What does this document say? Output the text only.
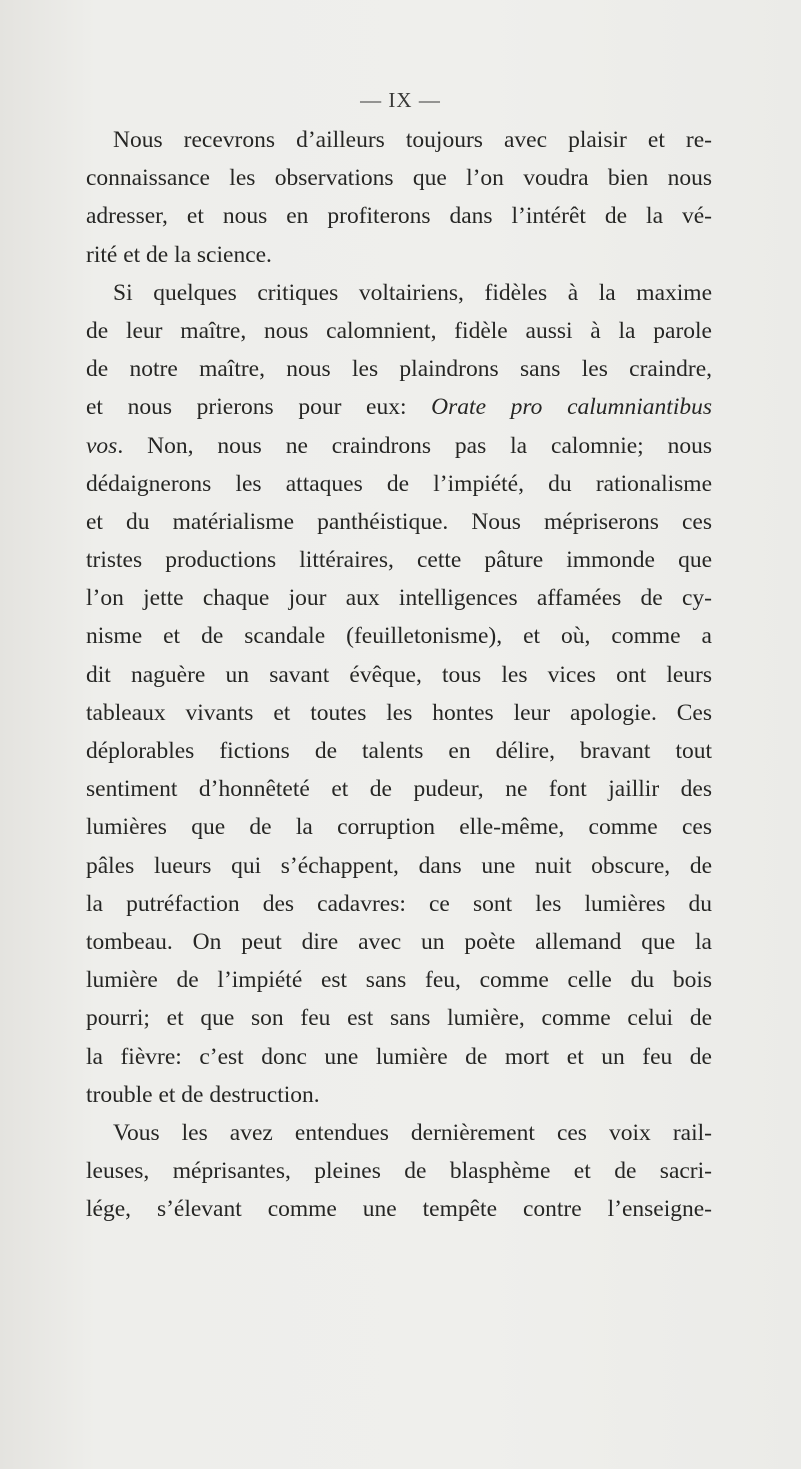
— IX —
Nous recevrons d’ailleurs toujours avec plaisir et re-
connaissance les observations que l’on voudra bien nous
adresser, et nous en profiterons dans l’intérêt de la vé-
rité et de la science.
Si quelques critiques voltairiens, fidèles à la maxime
de leur maître, nous calomnient, fidèle aussi à la parole
de notre maître, nous les plaindrons sans les craindre,
et nous prierons pour eux: Orate pro calumniantibus
vos. Non, nous ne craindrons pas la calomnie; nous
dédaignerons les attaques de l’impiété, du rationalisme
et du matérialisme panthéistique. Nous mépriserons ces
tristes productions littéraires, cette pâture immonde que
l’on jette chaque jour aux intelligences affamées de cy-
nisme et de scandale (feuilletonisme), et où, comme a
dit naguère un savant évêque, tous les vices ont leurs
tableaux vivants et toutes les hontes leur apologie. Ces
déplorables fictions de talents en délire, bravant tout
sentiment d’honnêteté et de pudeur, ne font jaillir des
lumières que de la corruption elle-même, comme ces
pâles lueurs qui s’échappent, dans une nuit obscure, de
la putréfaction des cadavres: ce sont les lumières du
tombeau. On peut dire avec un poète allemand que la
lumière de l’impiété est sans feu, comme celle du bois
pourri; et que son feu est sans lumière, comme celui de
la fièvre: c’est donc une lumière de mort et un feu de
trouble et de destruction.
Vous les avez entendues dernièrement ces voix rail-
leuses, méprisantes, pleines de blasphème et de sacri-
lége, s’élevant comme une tempête contre l’enseigne-
